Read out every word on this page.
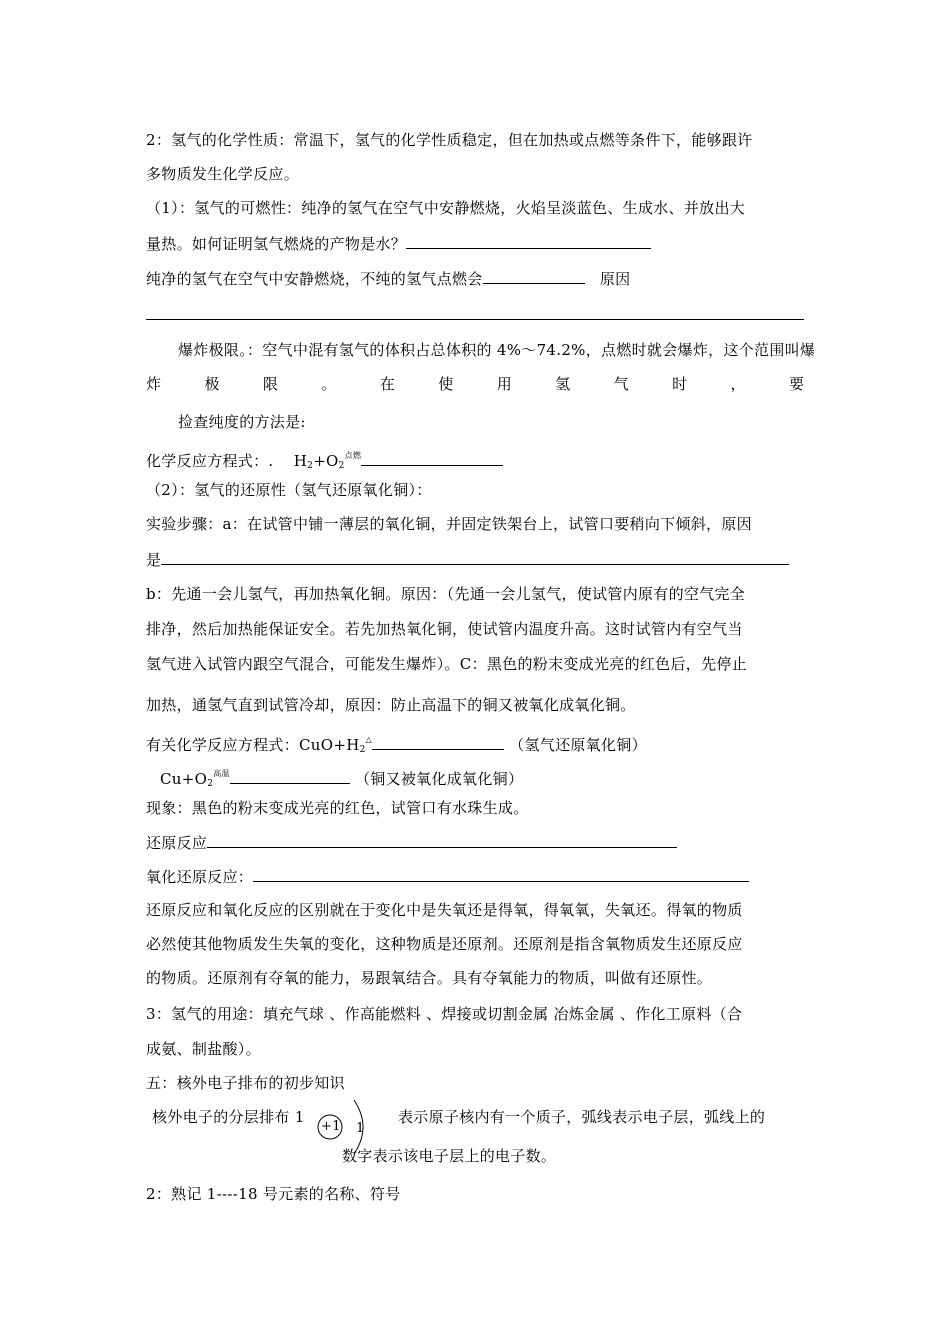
2：氢气的化学性质：常温下，氢气的化学性质稳定，但在加热或点燃等条件下，能够跟许
多物质发生化学反应。
（1）：氢气的可燃性：纯净的氢气在空气中安静燃烧，火焰呈淡蓝色、生成水、并放出大
量热。如何证明氢气燃烧的产物是水？
纯净的氢气在空气中安静燃烧，不纯的氢气点燃会	原因
爆炸极限。：空气中混有氢气的体积占总体积的 4%～74.2%，点燃时就会爆炸，这个范围叫爆
炸	极	限	。	在	使	用	氢	气	时	，	要
捡查纯度的方法是:
化学反应方程式：. $H_2+O_2^{点燃}$
（2）：氢气的还原性（氢气还原氧化铜）：
实验步骤：a：在试管中铺一薄层的氧化铜，并固定铁架台上，试管口要稍向下倾斜，原因
是
b：先通一会儿氢气，再加热氧化铜。原因：（先通一会儿氢气，使试管内原有的空气完全
排净，然后加热能保证安全。若先加热氧化铜，使试管内温度升高。这时试管内有空气当
氢气进入试管内跟空气混合，可能发生爆炸）。C：黑色的粉末变成光亮的红色后，先停止
加热，通氢气直到试管冷却，原因：防止高温下的铜又被氧化成氧化铜。
有关化学反应方程式：$CuO+H_2^\triangle$	（氢气还原氧化铜）
$Cu+O_2^{高温}$	（铜又被氧化成氧化铜）
现象：黑色的粉末变成光亮的红色，试管口有水珠生成。
还原反应
氧化还原反应：
还原反应和氧化反应的区别就在于变化中是失氧还是得氧，得氧氧，失氧还。得氧的物质
必然使其他物质发生失氧的变化，这种物质是还原剂。还原剂是指含氧物质发生还原反应
的物质。还原剂有夺氧的能力，易跟氧结合。具有夺氧能力的物质，叫做有还原性。
3：氢气的用途：填充气球 、作高能燃料 、焊接或切割金属 冶炼金属 、作化工原料（合
成氨、制盐酸）。
五：核外电子排布的初步知识
核外电子的分层排布 1
+1 1
表示原子核内有一个质子，弧线表示电子层，弧线上的
数字表示该电子层上的电子数。
2：熟记 1----18 号元素的名称、符号
